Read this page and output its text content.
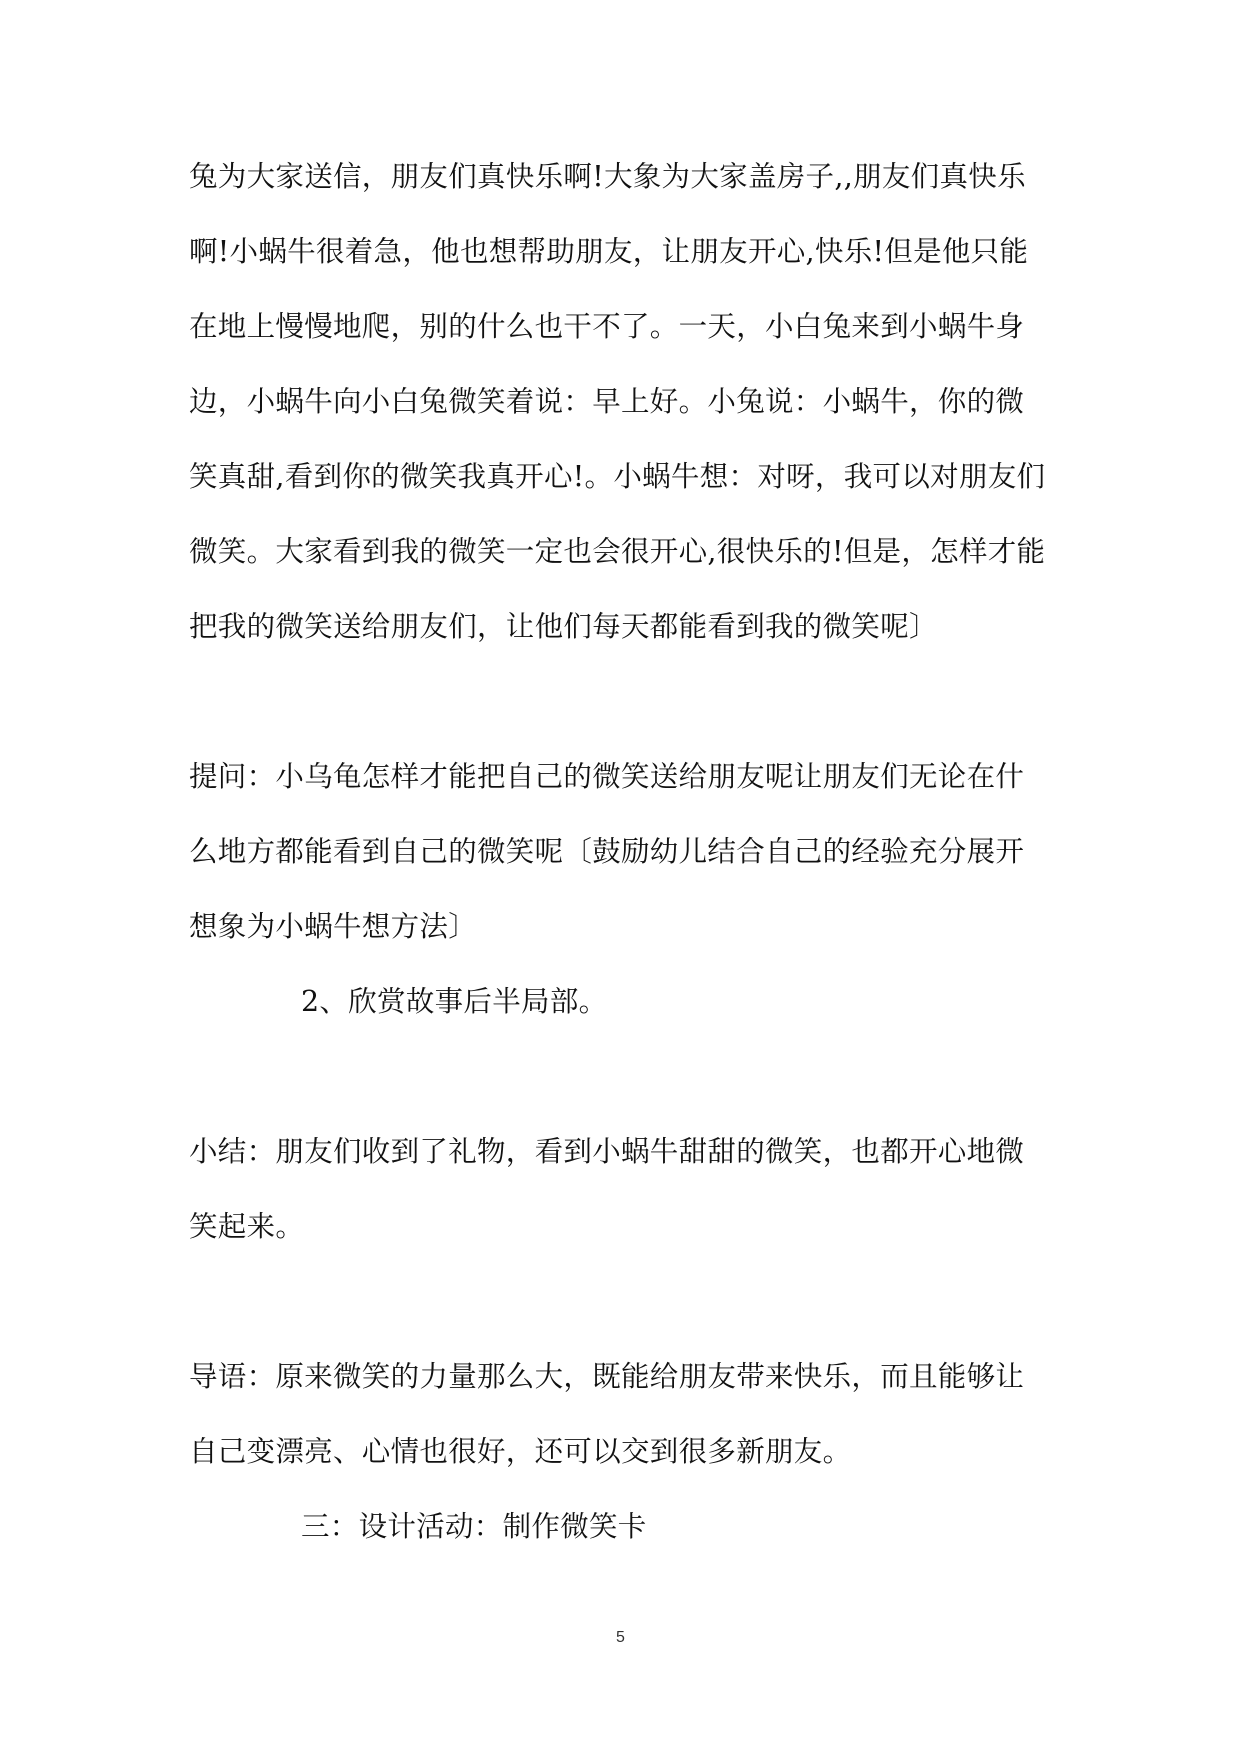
兔为大家送信，朋友们真快乐啊!大象为大家盖房子,,朋友们真快乐
啊!小蜗牛很着急，他也想帮助朋友，让朋友开心,快乐!但是他只能
在地上慢慢地爬，别的什么也干不了。一天，小白兔来到小蜗牛身
边，小蜗牛向小白兔微笑着说：早上好。小兔说：小蜗牛，你的微
笑真甜,看到你的微笑我真开心!。小蜗牛想：对呀，我可以对朋友们
微笑。大家看到我的微笑一定也会很开心,很快乐的!但是，怎样才能
把我的微笑送给朋友们，让他们每天都能看到我的微笑呢〕
提问：小乌龟怎样才能把自己的微笑送给朋友呢让朋友们无论在什
么地方都能看到自己的微笑呢〔鼓励幼儿结合自己的经验充分展开
想象为小蜗牛想方法〕
2、欣赏故事后半局部。
小结：朋友们收到了礼物，看到小蜗牛甜甜的微笑，也都开心地微
笑起来。
导语：原来微笑的力量那么大，既能给朋友带来快乐，而且能够让
自己变漂亮、心情也很好，还可以交到很多新朋友。
三：设计活动：制作微笑卡
5
